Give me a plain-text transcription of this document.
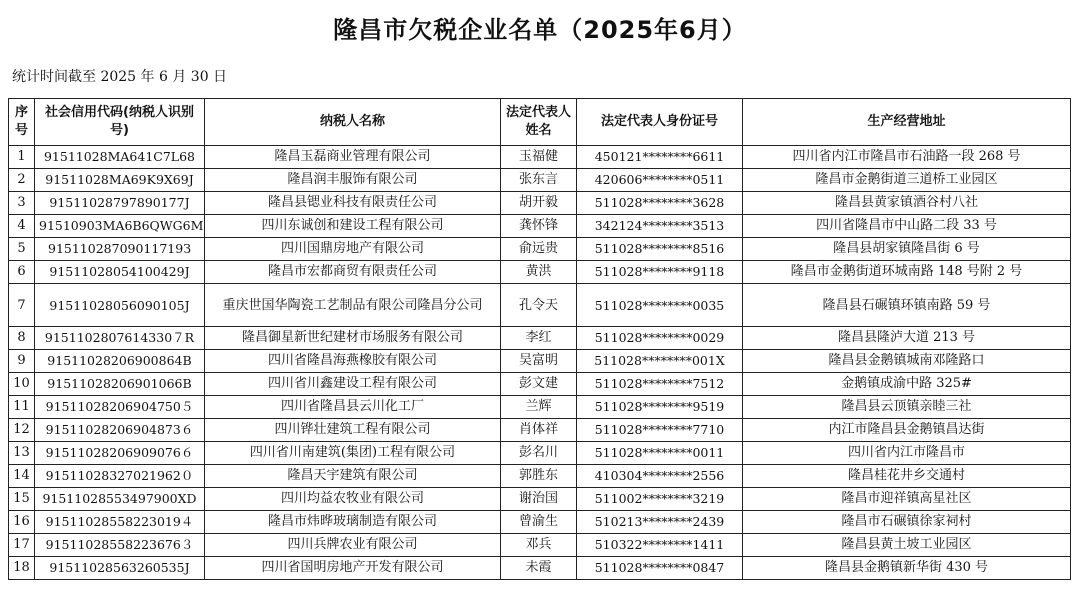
隆昌市欠税企业名单（2025年6月）
统计时间截至 2025 年 6 月 30 日
序号	社会信用代码(纳税人识别号)	纳税人名称	法定代表人姓名	法定代表人身份证号	生产经营地址
1	91511028MA641C7L68	隆昌玉磊商业管理有限公司	玉福健	450121********6611	四川省内江市隆昌市石油路一段 268 号
2	91511028MA69K9X69J	隆昌润丰服饰有限公司	张东言	420606********0511	隆昌市金鹅街道三道桥工业园区
3	91511028797890177J	隆昌县锶业科技有限责任公司	胡开毅	511028********3628	隆昌县黄家镇酒谷村八社
4	91510903MA6B6QWG6M	四川东诚创和建设工程有限公司	龚怀锋	342124********3513	四川省隆昌市中山路二段 33 号
5	91511028709011719З	四川国鼎房地产有限公司	俞远贵	511028********8516	隆昌县胡家镇隆昌街 6 号
6	91511028054100429J	隆昌市宏都商贸有限责任公司	黄洪	511028********9118	隆昌市金鹅街道环城南路 148 号附 2 号
7	91511028056090105J	重庆世国华陶瓷工艺制品有限公司隆昌分公司	孔令天	511028********0035	隆昌县石碾镇环镇南路 59 号
8	9151102807614330７R	隆昌御星新世纪建材市场服务有限公司	李红	511028********0029	隆昌县隆泸大道 213 号
9	91511028206900864B	四川省隆昌海燕橡胶有限公司	吴富明	511028********001X	隆昌县金鹅镇城南邓隆路口
10	91511028206901066B	四川省川鑫建设工程有限公司	彭文建	511028********7512	金鹅镇成渝中路 325#
11	91511028206904750５	四川省隆昌县云川化工厂	兰辉	511028********9519	隆昌县云顶镇亲睦三社
12	91511028206904873６	四川铧壮建筑工程有限公司	肖体祥	511028********7710	内江市隆昌县金鹅镇昌达街
13	91511028206909076６	四川省川南建筑(集团)工程有限公司	彭名川	511028********0011	四川省内江市隆昌市
14	91511028327021962０	隆昌天宇建筑有限公司	郭胜东	410304********2556	隆昌桂花井乡交通村
15	91511028553497900XD	四川均益农牧业有限公司	谢治国	511002********3219	隆昌市迎祥镇高星社区
16	91511028558223019４	隆昌市炜晔玻璃制造有限公司	曾渝生	510213********2439	隆昌市石碾镇徐家祠村
17	91511028558223676３	四川兵牌农业有限公司	邓兵	510322********1411	隆昌县黄土坡工业园区
18	91511028563260535J	四川省国明房地产开发有限公司	未霞	511028********0847	隆昌县金鹅镇新华街 430 号
